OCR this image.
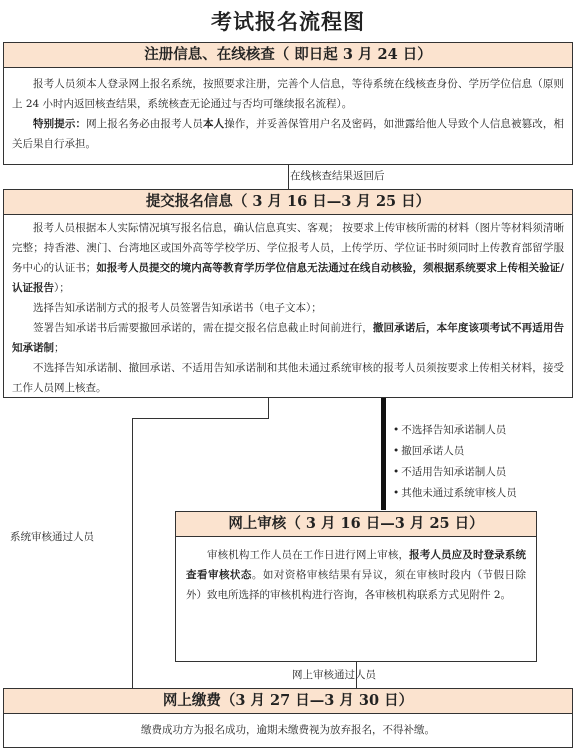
考试报名流程图
注册信息、在线核查（ 即日起 3 月 24 日）

报考人员须本人登录网上报名系统，按照要求注册，完善个人信息，等待系统在线核查身份、学历学位信息（原则上 24 小时内返回核查结果，系统核查无论通过与否均可继续报名流程）。

特别提示：网上报名务必由报考人员本人操作，并妥善保管用户名及密码，如泄露给他人导致个人信息被篡改，相关后果自行承担。

在线核查结果返回后
提交报名信息（ 3 月 16 日—3 月 25 日）

报考人员根据本人实际情况填写报名信息，确认信息真实、客观； 按要求上传审核所需的材料（图片等材料须清晰完整；持香港、澳门、台湾地区或国外高等学校学历、学位报考人员，上传学历、学位证书时须同时上传教育部留学服务中心的认证书；如报考人员提交的境内高等教育学历学位信息无法通过在线自动核验，须根据系统要求上传相关验证/认证报告）；

选择告知承诺制方式的报考人员签署告知承诺书（电子文本）；

签署告知承诺书后需要撤回承诺的，需在提交报名信息截止时间前进行，撤回承诺后，本年度该项考试不再适用告知承诺制；

不选择告知承诺制、撤回承诺、不适用告知承诺制和其他未通过系统审核的报考人员须按要求上传相关材料，接受工作人员网上核查。

系统审核通过人员
• 不选择告知承诺制人员
• 撤回承诺人员
• 不适用告知承诺制人员
• 其他未通过系统审核人员
网上审核（ 3 月 16 日—3 月 25 日）

审核机构工作人员在工作日进行网上审核，报考人员应及时登录系统查看审核状态。如对资格审核结果有异议，须在审核时段内（节假日除外）致电所选择的审核机构进行咨询，各审核机构联系方式见附件 2。

网上审核通过人员
网上缴费（3 月 27 日—3 月 30 日）
缴费成功方为报名成功，逾期未缴费视为放弃报名，不得补缴。
